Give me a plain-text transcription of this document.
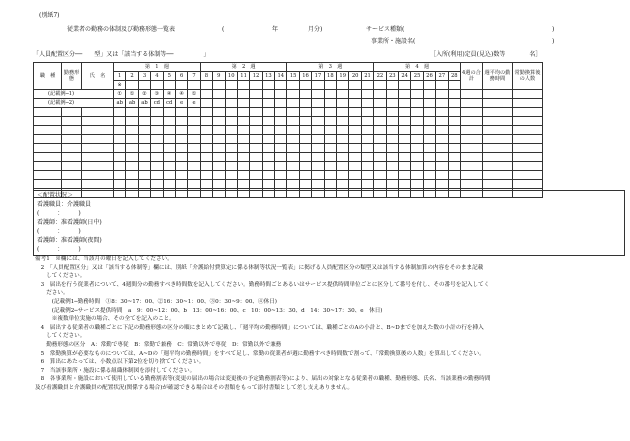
(別紙7)
従業者の勤務の体制及び勤務形態一覧表	(	年	月分)	サービス種類(	)
事業所・施設名(	)
「人員配置区分──　　型」又は「該当する体制等──　　　　　」	［入所(利用)定員(見込)数等　　　　名］
職　種	勤務形態	氏　名	第　1　週							第　2　週							第　3　週							第　4　週							4週の合計	週平均の勤務時間	常勤換算後の人数
			1	2	3	4	5	6	7	8	9	10	11	12	13	14	15	16	17	18	19	20	21	22	23	24	25	26	27	28			
			※																														
(記載例─1)			①	①	②	③	④	④	①																								
(記載例─2)			ab	ab	ab	cd	cd	e	e																								

＜配置状況＞
看護職員：介護職員
(　　　：　　　)
看護師：准看護師(日中)
(　　　：　　　)
看護師：准看護師(夜間)
(　　　：　　　)
備考1　※欄には、当該月の曜日を記入してください。
　2　「人員配置区分」又は「該当する体制等」欄には、別紙「介護給付費算定に係る体制等状況一覧表」に掲げる人員配置区分の類型又は該当する体制加算の内容をそのまま記載
　　してください。
　3　届出を行う従業者について、4週間分の勤務すべき時間数を記入してください。勤務時間ごとあるいはサービス提供時間単位ごとに区分して番号を付し、その番号を記入してく
　　ださい。
　　　(記載例1─勤務時間　①8：30~17：00、②16：30~1：00、③0：30~9：00、④休日)
　　　(記載例2─サービス提供時間　a　9：00~12：00、b　13：00~16：00、c　10：00~13：30、d　14：30~17：30、e　休日)
　　　※複数単位実施の場合、その全てを記入のこと。
　4　届出する従業者の職種ごとに下記の勤務形態の区分の順にまとめて記載し、「週平均の勤務時間」については、職種ごとのAの小計と、B~Dまでを加えた数の小計の行を挿入
　　してください。
　　勤務形態の区分　A：常勤で専従　B：常勤で兼務　C：常勤以外で専従　D：常勤以外で兼務
　5　常勤換算が必要なものについては、A~Dの「週平均の勤務時間」をすべて足し、常勤の従業者が週に勤務すべき時間数で割って、「常勤換算後の人数」を算出してください。
　6　算出にあたっては、小数点以下第2位を切り捨ててください。
　7　当該事業所・施設に係る組織体制図を添付してください。
　8　各事業所・施設において使用している勤務割表等(変更の届出の場合は変更後の予定勤務割表等)により、届出の対象となる従業者の職種、勤務形態、氏名、当該業務の勤務時間
及び看護職員と介護職員の配置状況(関係する場合)が確認できる場合はその書類をもって添付書類として差し支えありません。
